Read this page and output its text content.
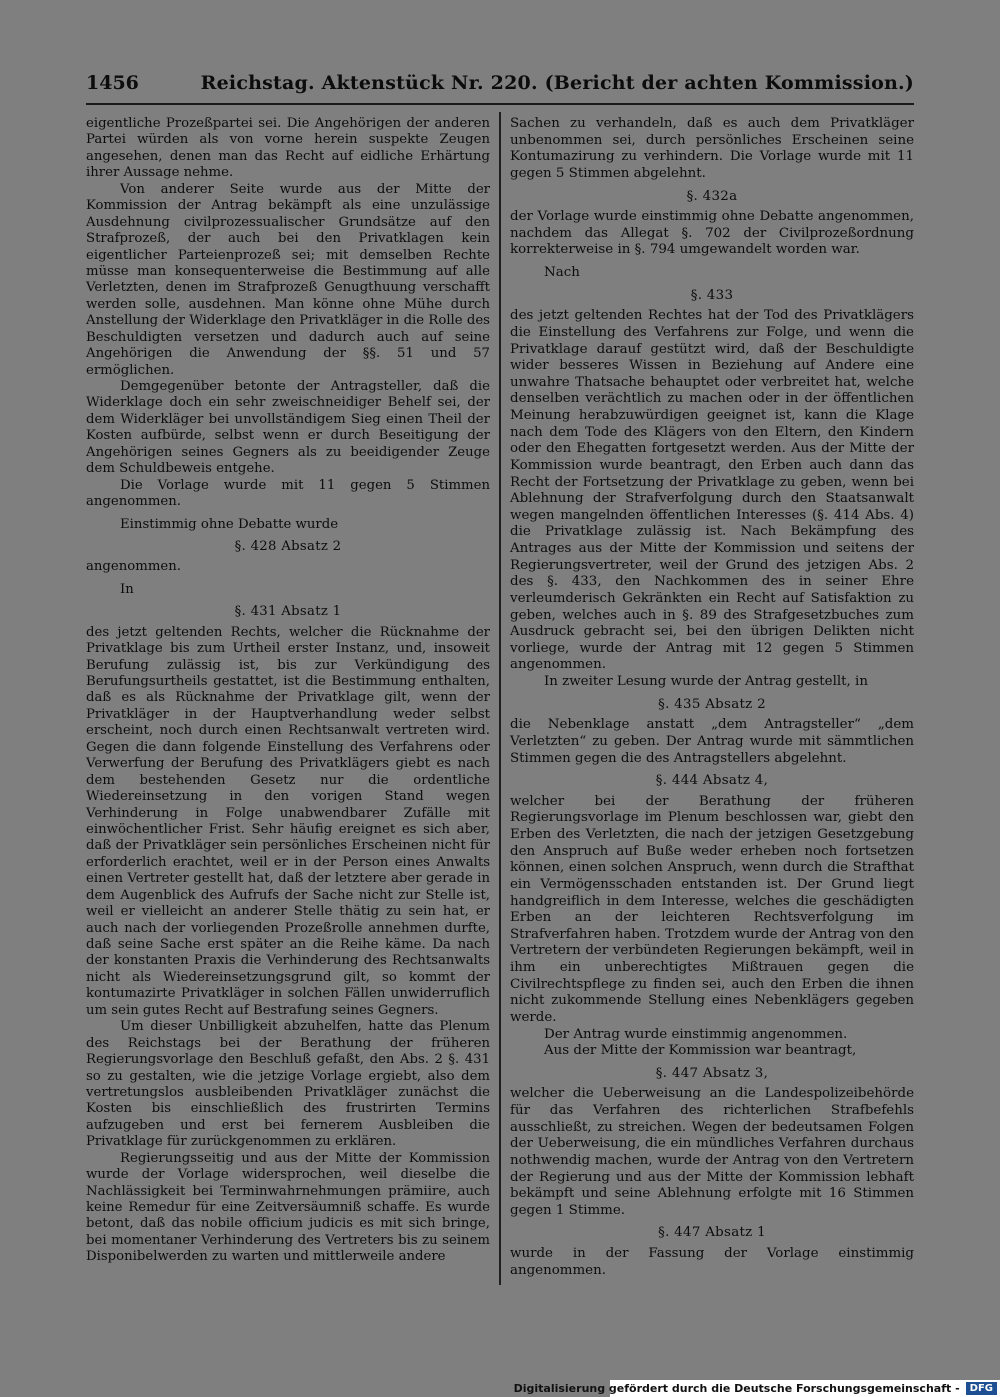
1456	Reichstag. Aktenstück Nr. 220. (Bericht der achten Kommission.)

eigentliche Prozeßpartei sei. Die Angehörigen der anderen Partei würden als von vorne herein suspekte Zeugen angesehen, denen man das Recht auf eidliche Erhärtung ihrer Aussage nehme.

Von anderer Seite wurde aus der Mitte der Kommission der Antrag bekämpft als eine unzulässige Ausdehnung civilprozessualischer Grundsätze auf den Strafprozeß, der auch bei den Privatklagen kein eigentlicher Parteienprozeß sei; mit demselben Rechte müsse man konsequenterweise die Bestimmung auf alle Verletzten, denen im Strafprozeß Genugthuung verschafft werden solle, ausdehnen. Man könne ohne Mühe durch Anstellung der Widerklage den Privatkläger in die Rolle des Beschuldigten versetzen und dadurch auch auf seine Angehörigen die Anwendung der §§. 51 und 57 ermöglichen.

Demgegenüber betonte der Antragsteller, daß die Widerklage doch ein sehr zweischneidiger Behelf sei, der dem Widerkläger bei unvollständigem Sieg einen Theil der Kosten aufbürde, selbst wenn er durch Beseitigung der Angehörigen seines Gegners als zu beeidigender Zeuge dem Schuldbeweis entgehe.

Die Vorlage wurde mit 11 gegen 5 Stimmen angenommen.

Einstimmig ohne Debatte wurde

§. 428 Absatz 2

angenommen.

In

§. 431 Absatz 1

des jetzt geltenden Rechts, welcher die Rücknahme der Privatklage bis zum Urtheil erster Instanz, und, insoweit Berufung zulässig ist, bis zur Verkündigung des Berufungsurtheils gestattet, ist die Bestimmung enthalten, daß es als Rücknahme der Privatklage gilt, wenn der Privatkläger in der Hauptverhandlung weder selbst erscheint, noch durch einen Rechtsanwalt vertreten wird. Gegen die dann folgende Einstellung des Verfahrens oder Verwerfung der Berufung des Privatklägers giebt es nach dem bestehenden Gesetz nur die ordentliche Wiedereinsetzung in den vorigen Stand wegen Verhinderung in Folge unabwendbarer Zufälle mit einwöchentlicher Frist. Sehr häufig ereignet es sich aber, daß der Privatkläger sein persönliches Erscheinen nicht für erforderlich erachtet, weil er in der Person eines Anwalts einen Vertreter gestellt hat, daß der letztere aber gerade in dem Augenblick des Aufrufs der Sache nicht zur Stelle ist, weil er vielleicht an anderer Stelle thätig zu sein hat, er auch nach der vorliegenden Prozeßrolle annehmen durfte, daß seine Sache erst später an die Reihe käme. Da nach der konstanten Praxis die Verhinderung des Rechtsanwalts nicht als Wiedereinsetzungsgrund gilt, so kommt der kontumazirte Privatkläger in solchen Fällen unwiderruflich um sein gutes Recht auf Bestrafung seines Gegners.

Um dieser Unbilligkeit abzuhelfen, hatte das Plenum des Reichstags bei der Berathung der früheren Regierungsvorlage den Beschluß gefaßt, den Abs. 2 §. 431 so zu gestalten, wie die jetzige Vorlage ergiebt, also dem vertretungslos ausbleibenden Privatkläger zunächst die Kosten bis einschließlich des frustrirten Termins aufzugeben und erst bei fernerem Ausbleiben die Privatklage für zurückgenommen zu erklären.

Regierungsseitig und aus der Mitte der Kommission wurde der Vorlage widersprochen, weil dieselbe die Nachlässigkeit bei Terminwahrnehmungen prämiire, auch keine Remedur für eine Zeitversäumniß schaffe. Es wurde betont, daß das nobile officium judicis es mit sich bringe, bei momentaner Verhinderung des Vertreters bis zu seinem Disponibelwerden zu warten und mittlerweile andere

Sachen zu verhandeln, daß es auch dem Privatkläger unbenommen sei, durch persönliches Erscheinen seine Kontumazirung zu verhindern. Die Vorlage wurde mit 11 gegen 5 Stimmen abgelehnt.

§. 432a

der Vorlage wurde einstimmig ohne Debatte angenommen, nachdem das Allegat §. 702 der Civilprozeßordnung korrekterweise in §. 794 umgewandelt worden war.

Nach

§. 433

des jetzt geltenden Rechtes hat der Tod des Privatklägers die Einstellung des Verfahrens zur Folge, und wenn die Privatklage darauf gestützt wird, daß der Beschuldigte wider besseres Wissen in Beziehung auf Andere eine unwahre Thatsache behauptet oder verbreitet hat, welche denselben verächtlich zu machen oder in der öffentlichen Meinung herabzuwürdigen geeignet ist, kann die Klage nach dem Tode des Klägers von den Eltern, den Kindern oder den Ehegatten fortgesetzt werden. Aus der Mitte der Kommission wurde beantragt, den Erben auch dann das Recht der Fortsetzung der Privatklage zu geben, wenn bei Ablehnung der Strafverfolgung durch den Staatsanwalt wegen mangelnden öffentlichen Interesses (§. 414 Abs. 4) die Privatklage zulässig ist. Nach Bekämpfung des Antrages aus der Mitte der Kommission und seitens der Regierungsvertreter, weil der Grund des jetzigen Abs. 2 des §. 433, den Nachkommen des in seiner Ehre verleumderisch Gekränkten ein Recht auf Satisfaktion zu geben, welches auch in §. 89 des Strafgesetzbuches zum Ausdruck gebracht sei, bei den übrigen Delikten nicht vorliege, wurde der Antrag mit 12 gegen 5 Stimmen angenommen.

In zweiter Lesung wurde der Antrag gestellt, in

§. 435 Absatz 2

die Nebenklage anstatt „dem Antragsteller“ „dem Verletzten“ zu geben. Der Antrag wurde mit sämmtlichen Stimmen gegen die des Antragstellers abgelehnt.

§. 444 Absatz 4,

welcher bei der Berathung der früheren Regierungsvorlage im Plenum beschlossen war, giebt den Erben des Verletzten, die nach der jetzigen Gesetzgebung den Anspruch auf Buße weder erheben noch fortsetzen können, einen solchen Anspruch, wenn durch die Strafthat ein Vermögensschaden entstanden ist. Der Grund liegt handgreiflich in dem Interesse, welches die geschädigten Erben an der leichteren Rechtsverfolgung im Strafverfahren haben. Trotzdem wurde der Antrag von den Vertretern der verbündeten Regierungen bekämpft, weil in ihm ein unberechtigtes Mißtrauen gegen die Civilrechtspflege zu finden sei, auch den Erben die ihnen nicht zukommende Stellung eines Nebenklägers gegeben werde.

Der Antrag wurde einstimmig angenommen.

Aus der Mitte der Kommission war beantragt,

§. 447 Absatz 3,

welcher die Ueberweisung an die Landespolizeibehörde für das Verfahren des richterlichen Strafbefehls ausschließt, zu streichen. Wegen der bedeutsamen Folgen der Ueberweisung, die ein mündliches Verfahren durchaus nothwendig machen, wurde der Antrag von den Vertretern der Regierung und aus der Mitte der Kommission lebhaft bekämpft und seine Ablehnung erfolgte mit 16 Stimmen gegen 1 Stimme.

§. 447 Absatz 1

wurde in der Fassung der Vorlage einstimmig angenommen.

Digitalisierung gefördert durch die Deutsche Forschungsgemeinschaft -	DFG
